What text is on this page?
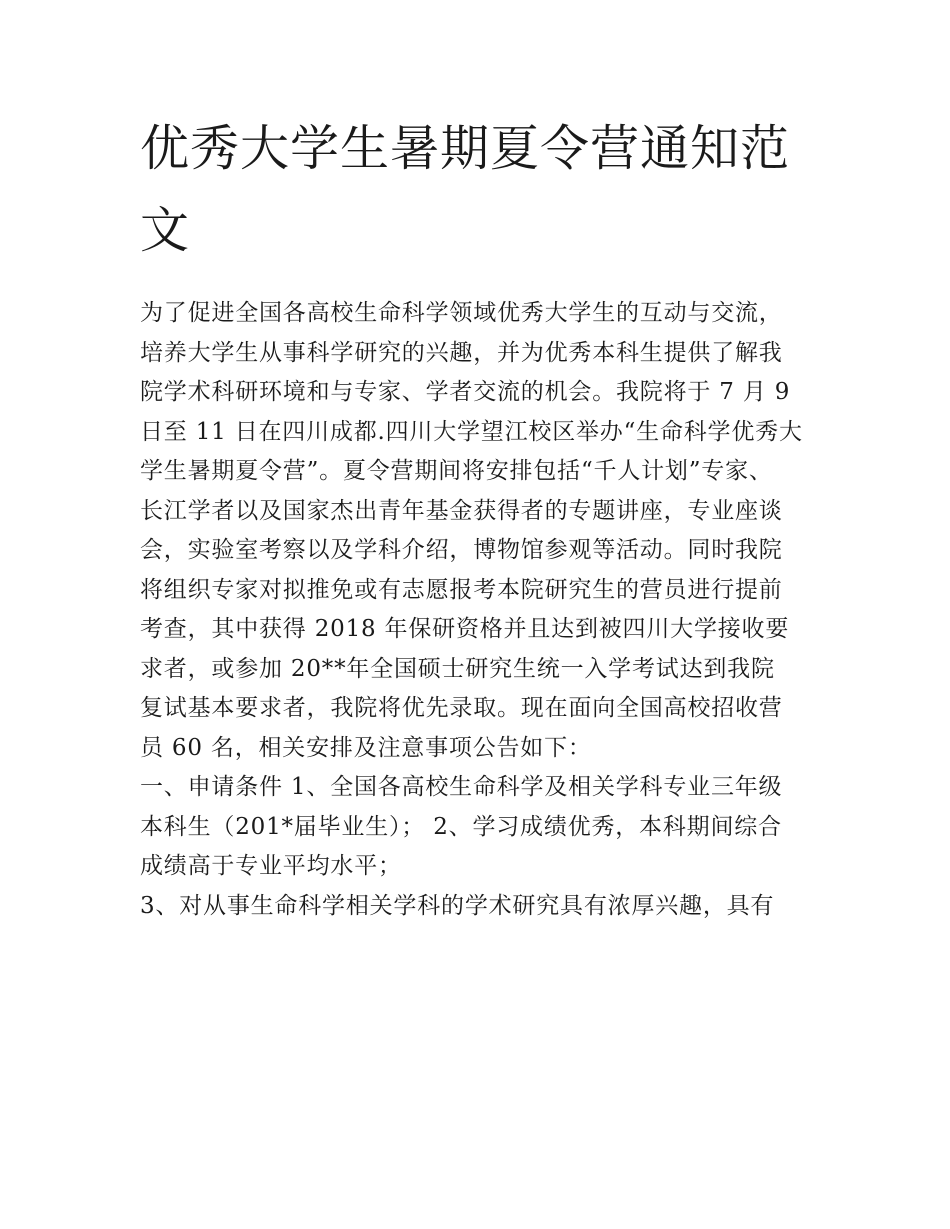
优秀大学生暑期夏令营通知范
文

为了促进全国各高校生命科学领域优秀大学生的互动与交流，
培养大学生从事科学研究的兴趣，并为优秀本科生提供了解我
院学术科研环境和与专家、学者交流的机会。我院将于 7 月 9
日至 11 日在四川成都.四川大学望江校区举办“生命科学优秀大
学生暑期夏令营”。夏令营期间将安排包括“千人计划”专家、
长江学者以及国家杰出青年基金获得者的专题讲座，专业座谈
会，实验室考察以及学科介绍，博物馆参观等活动。同时我院
将组织专家对拟推免或有志愿报考本院研究生的营员进行提前
考查，其中获得 2018 年保研资格并且达到被四川大学接收要
求者，或参加 20**年全国硕士研究生统一入学考试达到我院
复试基本要求者，我院将优先录取。现在面向全国高校招收营
员 60 名，相关安排及注意事项公告如下：

一、申请条件 1、全国各高校生命科学及相关学科专业三年级
本科生（201*届毕业生）； 2、学习成绩优秀，本科期间综合
成绩高于专业平均水平；

3、对从事生命科学相关学科的学术研究具有浓厚兴趣，具有
